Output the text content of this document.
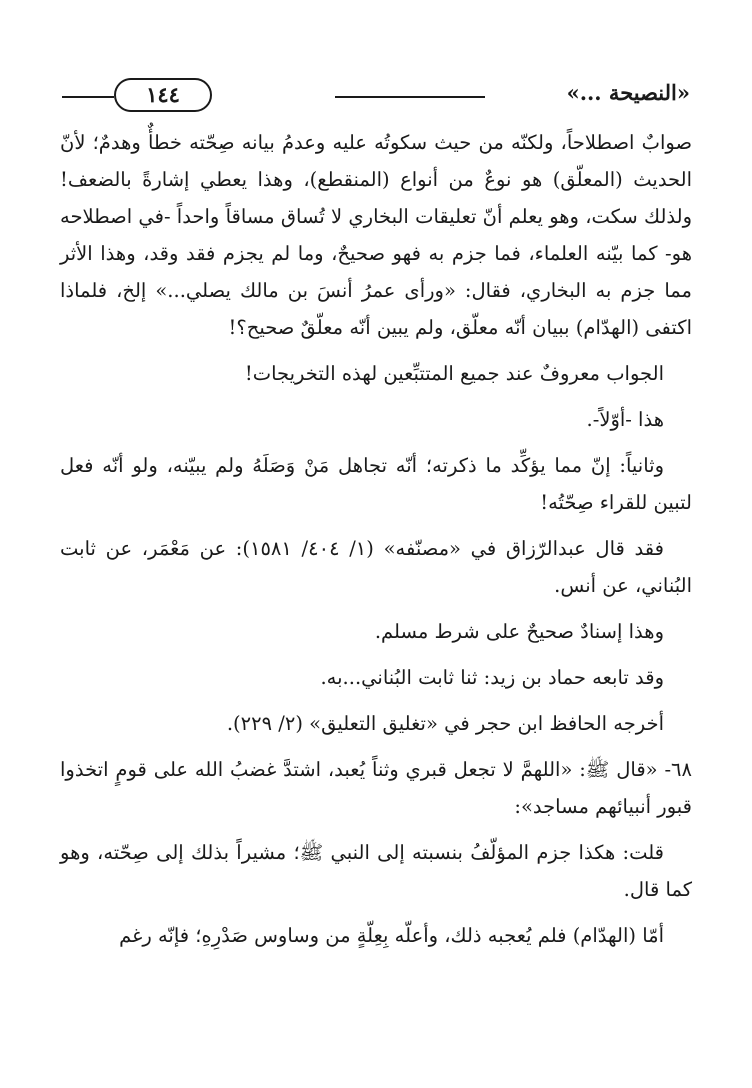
«النصيحة ...»
١٤٤

صوابٌ اصطلاحاً، ولكنّه من حيث سكوتُه عليه وعدمُ بيانه صِحّته خطأٌ وهدمٌ؛ لأنّ الحديث (المعلّق) هو نوعٌ من أنواع (المنقطع)، وهذا يعطي إشارةً بالضعف! ولذلك سكت، وهو يعلم أنّ تعليقات البخاري لا تُساق مساقاً واحداً -في اصطلاحه هو- كما بيّنه العلماء، فما جزم به فهو صحيحٌ، وما لم يجزم فقد وقد، وهذا الأثر مما جزم به البخاري، فقال: «ورأى عمرُ أنسَ بن مالك يصلي...» إلخ، فلماذا اكتفى (الهدّام) ببيان أنّه معلّق، ولم يبين أنّه معلّقٌ صحيح؟!

الجواب معروفٌ عند جميع المتتبِّعين لهذه التخريجات!

هذا -أوّلاً-.

وثانياً: إنّ مما يؤكِّد ما ذكرته؛ أنّه تجاهل مَنْ وَصَلَهُ ولم يبيّنه، ولو أنّه فعل لتبين للقراء صِحّتُه!

فقد قال عبدالرّزاق في «مصنّفه» (١/ ٤٠٤/ ١٥٨١): عن مَعْمَر، عن ثابت البُناني، عن أنس.

وهذا إسنادٌ صحيحٌ على شرط مسلم.

وقد تابعه حماد بن زيد: ثنا ثابت البُناني...به.

أخرجه الحافظ ابن حجر في «تغليق التعليق» (٢/ ٢٢٩).

٦٨- «قال ﷺ: «اللهمَّ لا تجعل قبري وثناً يُعبد، اشتدَّ غضبُ الله على قومٍ اتخذوا قبور أنبيائهم مساجد»:

قلت: هكذا جزم المؤلّفُ بنسبته إلى النبي ﷺ؛ مشيراً بذلك إلى صِحّته، وهو كما قال.

أمّا (الهدّام) فلم يُعجبه ذلك، وأعلّه بِعِلّةٍ من وساوس صَدْرِهِ؛ فإنّه رغم
